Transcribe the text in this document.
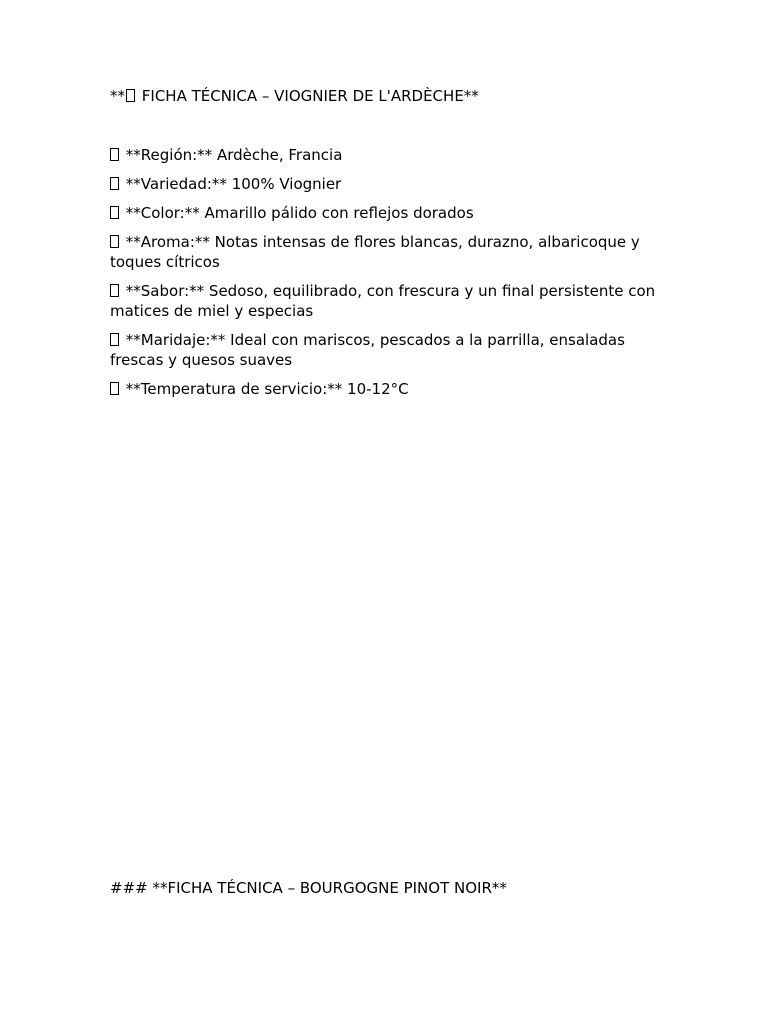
** FICHA TÉCNICA – VIOGNIER DE L'ARDÈCHE**
**Región:** Ardèche, Francia
**Variedad:** 100% Viognier
**Color:** Amarillo pálido con reflejos dorados
**Aroma:** Notas intensas de flores blancas, durazno, albaricoque y toques cítricos
**Sabor:** Sedoso, equilibrado, con frescura y un final persistente con matices de miel y especias
**Maridaje:** Ideal con mariscos, pescados a la parrilla, ensaladas frescas y quesos suaves
**Temperatura de servicio:** 10-12°C
### **FICHA TÉCNICA – BOURGOGNE PINOT NOIR**
